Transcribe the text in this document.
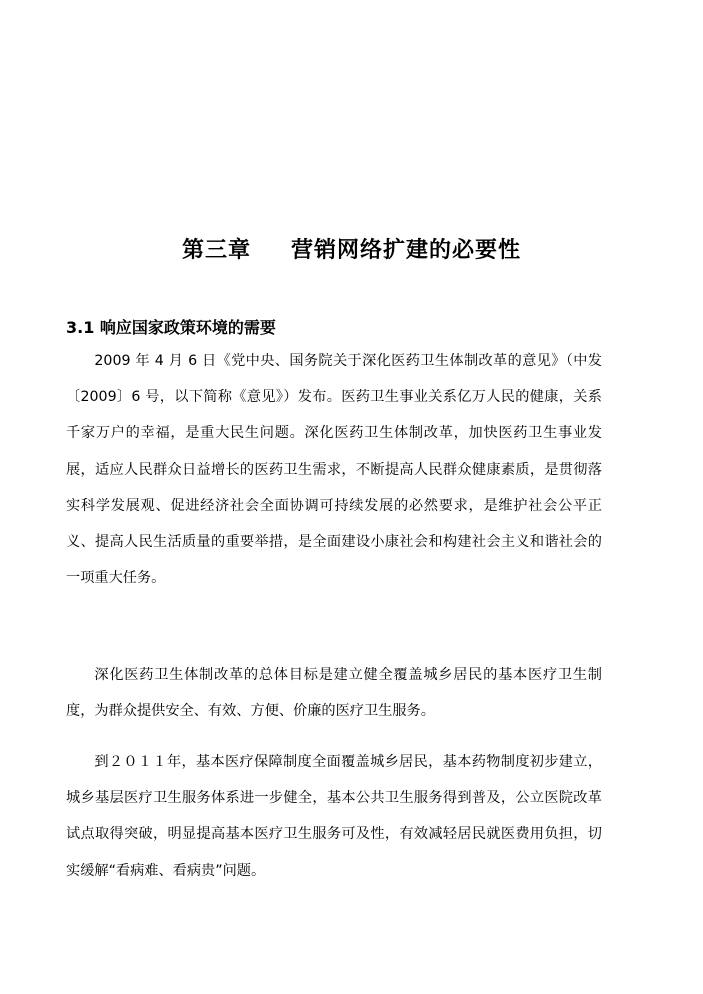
第三章 营销网络扩建的必要性
3.1 响应国家政策环境的需要

2009 年 4 月 6 日《党中央、国务院关于深化医药卫生体制改革的意见》（中发〔2009〕6 号，以下简称《意见》）发布。医药卫生事业关系亿万人民的健康，关系千家万户的幸福，是重大民生问题。深化医药卫生体制改革，加快医药卫生事业发展，适应人民群众日益增长的医药卫生需求，不断提高人民群众健康素质，是贯彻落实科学发展观、促进经济社会全面协调可持续发展的必然要求，是维护社会公平正义、提高人民生活质量的重要举措，是全面建设小康社会和构建社会主义和谐社会的一项重大任务。

深化医药卫生体制改革的总体目标是建立健全覆盖城乡居民的基本医疗卫生制度，为群众提供安全、有效、方便、价廉的医疗卫生服务。

到２０１１年，基本医疗保障制度全面覆盖城乡居民，基本药物制度初步建立，城乡基层医疗卫生服务体系进一步健全，基本公共卫生服务得到普及，公立医院改革试点取得突破，明显提高基本医疗卫生服务可及性，有效减轻居民就医费用负担，切实缓解“看病难、看病贵”问题。
